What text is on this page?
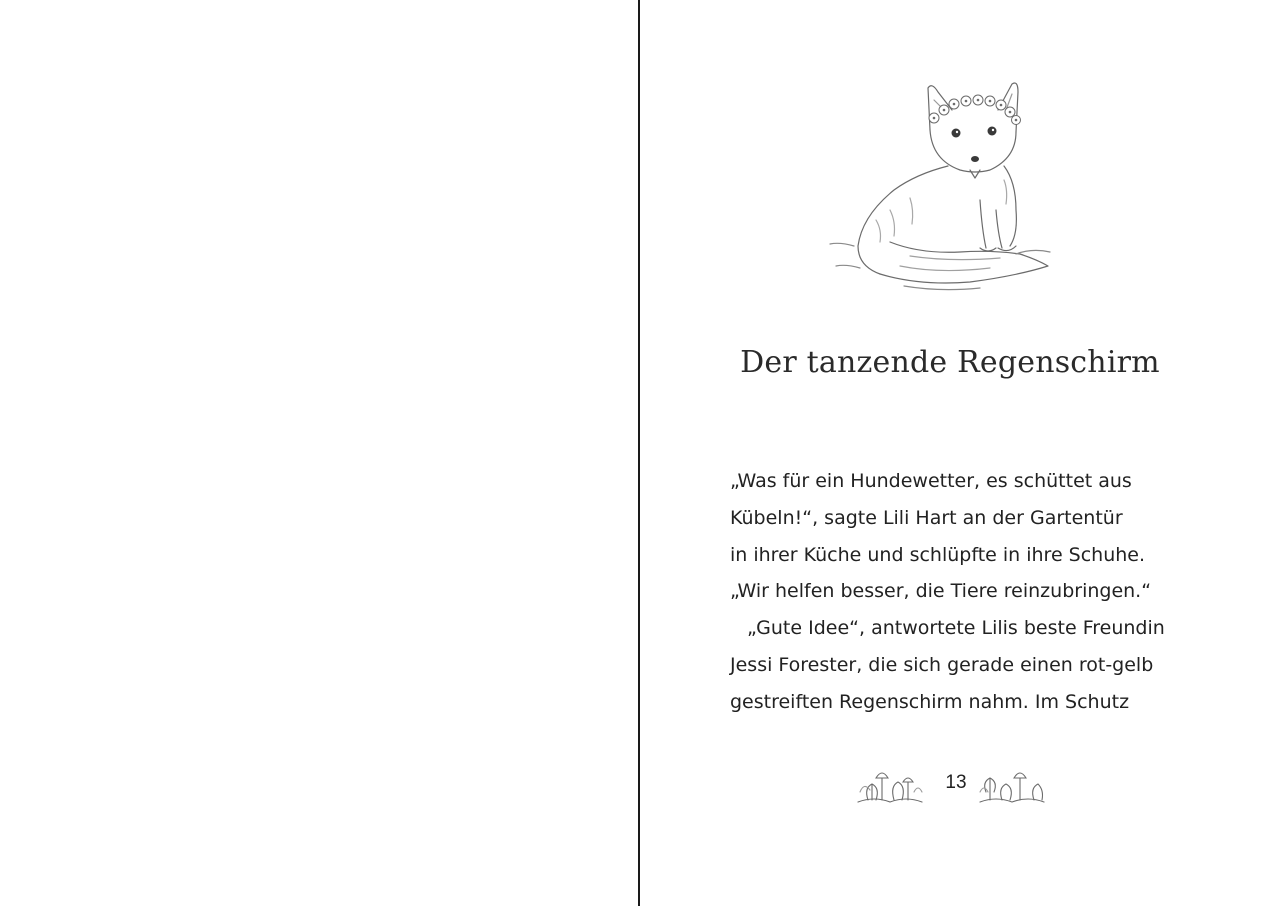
Der tanzende Regenschirm
„Was für ein Hundewetter, es schüttet aus
Kübeln!“, sagte Lili Hart an der Gartentür
in ihrer Küche und schlüpfte in ihre Schuhe.
„Wir helfen besser, die Tiere reinzubringen.“
„Gute Idee“, antwortete Lilis beste Freundin
Jessi Forester, die sich gerade einen rot-gelb
gestreiften Regenschirm nahm. Im Schutz
13
